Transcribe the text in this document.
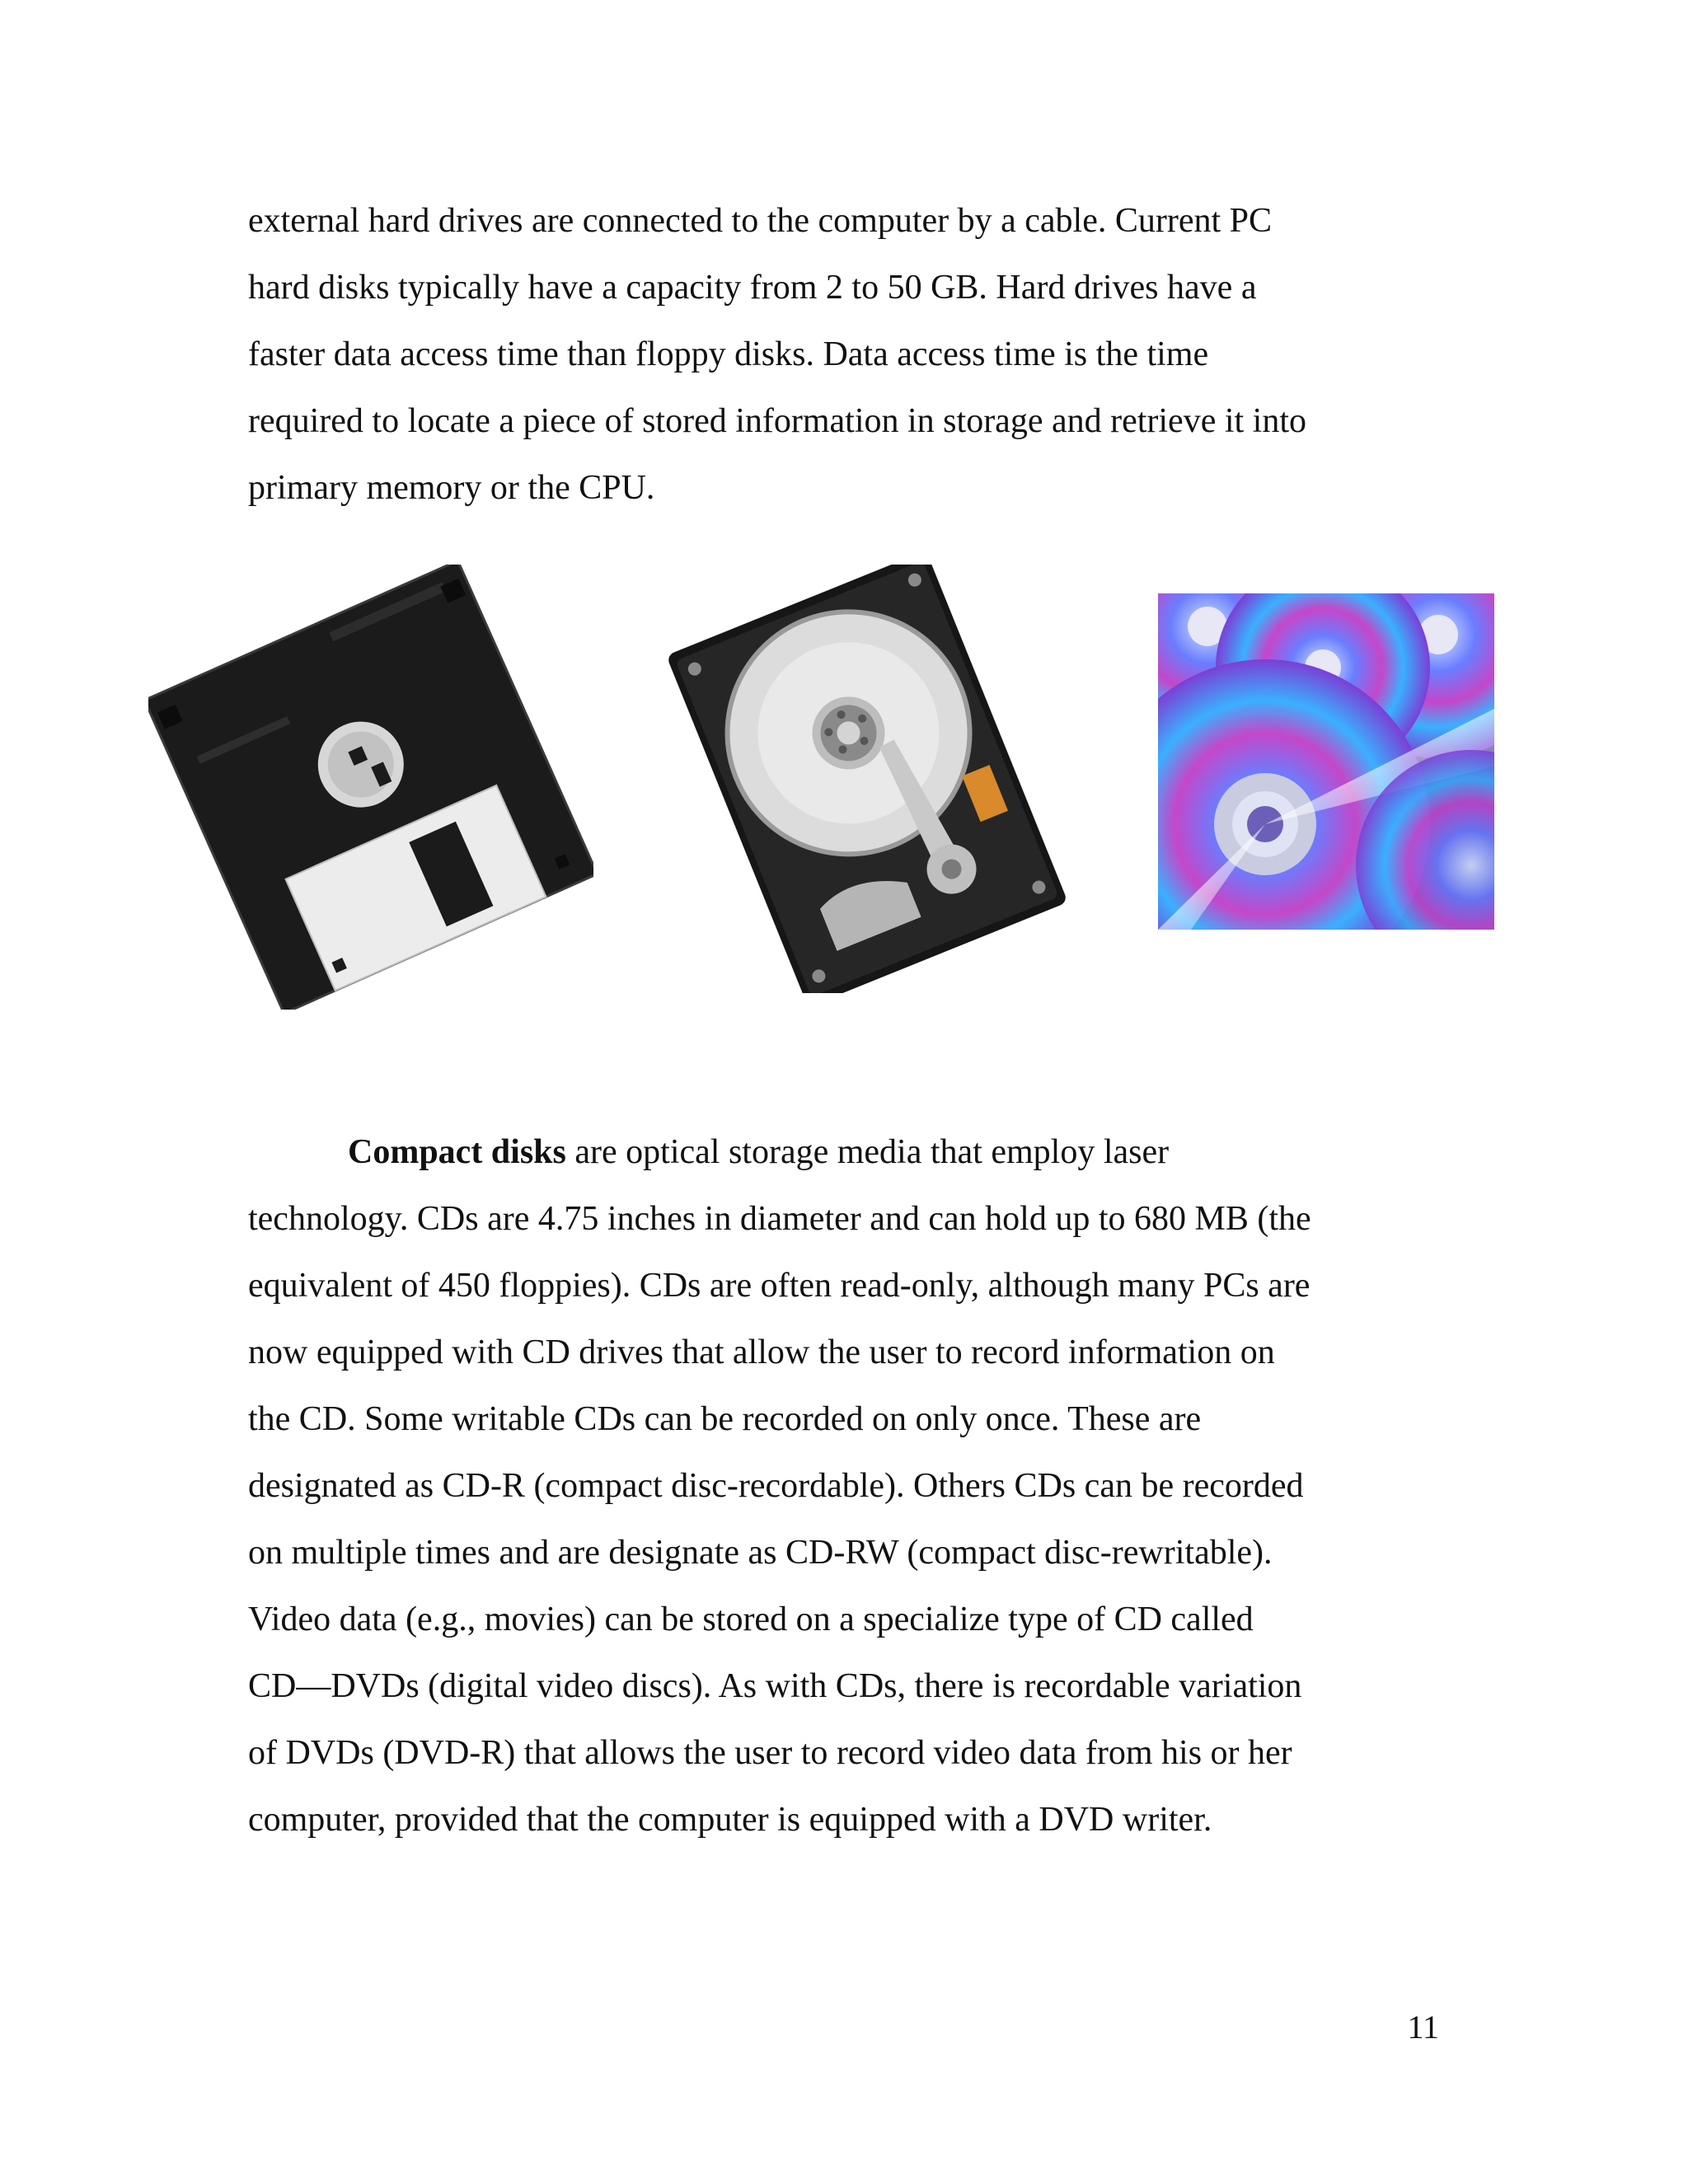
external hard drives are connected to the computer by a cable. Current PC
hard disks typically have a capacity from 2 to 50 GB. Hard drives have a
faster data access time than floppy disks. Data access time is the time
required to locate a piece of stored information in storage and retrieve it into
primary memory or the CPU.
Compact disks are optical storage media that employ laser
technology. CDs are 4.75 inches in diameter and can hold up to 680 MB (the
equivalent of 450 floppies). CDs are often read-only, although many PCs are
now equipped with CD drives that allow the user to record information on
the CD. Some writable CDs can be recorded on only once. These are
designated as CD-R (compact disc-recordable). Others CDs can be recorded
on multiple times and are designate as CD-RW (compact disc-rewritable).
Video data (e.g., movies) can be stored on a specialize type of CD called
CD—DVDs (digital video discs). As with CDs, there is recordable variation
of DVDs (DVD-R) that allows the user to record video data from his or her
computer, provided that the computer is equipped with a DVD writer.
11
